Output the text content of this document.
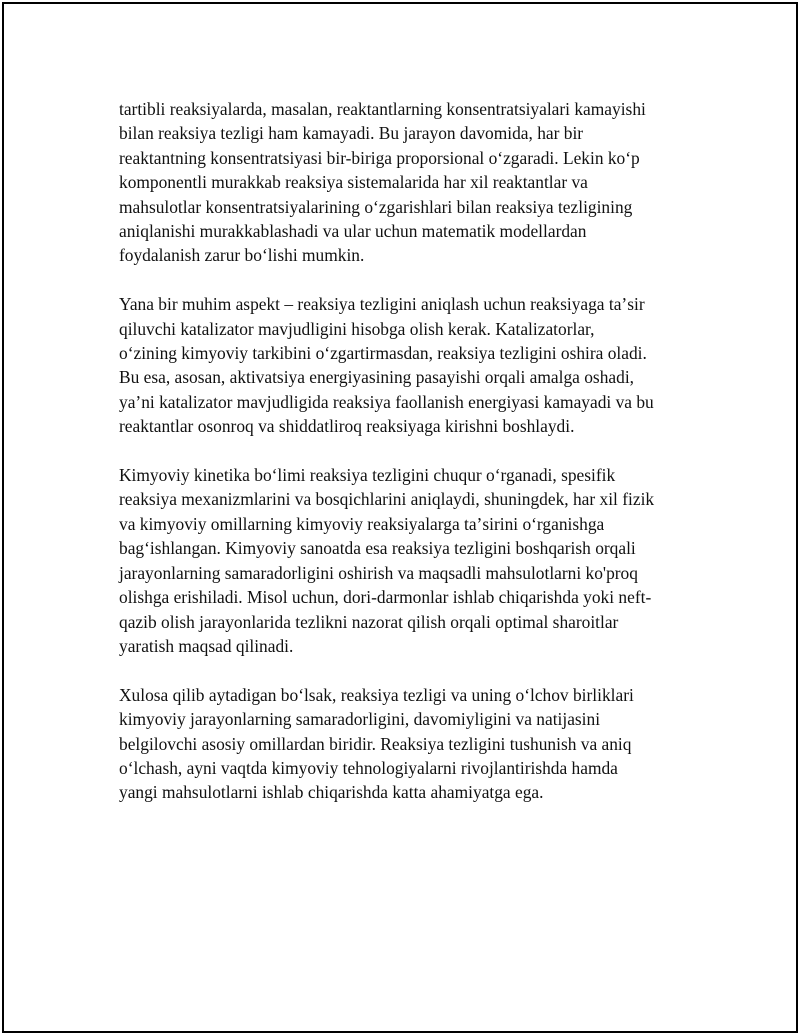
tartibli reaksiyalarda, masalan, reaktantlarning konsentratsiyalari kamayishi
bilan reaksiya tezligi ham kamayadi. Bu jarayon davomida, har bir
reaktantning konsentratsiyasi bir-biriga proporsional oʻzgaradi. Lekin koʻp
komponentli murakkab reaksiya sistemalarida har xil reaktantlar va
mahsulotlar konsentratsiyalarining oʻzgarishlari bilan reaksiya tezligining
aniqlanishi murakkablashadi va ular uchun matematik modellardan
foydalanish zarur boʻlishi mumkin.

Yana bir muhim aspekt – reaksiya tezligini aniqlash uchun reaksiyaga taʼsir
qiluvchi katalizator mavjudligini hisobga olish kerak. Katalizatorlar,
oʻzining kimyoviy tarkibini oʻzgartirmasdan, reaksiya tezligini oshira oladi.
Bu esa, asosan, aktivatsiya energiyasining pasayishi orqali amalga oshadi,
yaʼni katalizator mavjudligida reaksiya faollanish energiyasi kamayadi va bu
reaktantlar osonroq va shiddatliroq reaksiyaga kirishni boshlaydi.

Kimyoviy kinetika boʻlimi reaksiya tezligini chuqur oʻrganadi, spesifik
reaksiya mexanizmlarini va bosqichlarini aniqlaydi, shuningdek, har xil fizik
va kimyoviy omillarning kimyoviy reaksiyalarga taʼsirini oʻrganishga
bagʻishlangan. Kimyoviy sanoatda esa reaksiya tezligini boshqarish orqali
jarayonlarning samaradorligini oshirish va maqsadli mahsulotlarni ko'proq
olishga erishiladi. Misol uchun, dori-darmonlar ishlab chiqarishda yoki neft-
qazib olish jarayonlarida tezlikni nazorat qilish orqali optimal sharoitlar
yaratish maqsad qilinadi.

Xulosa qilib aytadigan boʻlsak, reaksiya tezligi va uning oʻlchov birliklari
kimyoviy jarayonlarning samaradorligini, davomiyligini va natijasini
belgilovchi asosiy omillardan biridir. Reaksiya tezligini tushunish va aniq
oʻlchash, ayni vaqtda kimyoviy tehnologiyalarni rivojlantirishda hamda
yangi mahsulotlarni ishlab chiqarishda katta ahamiyatga ega.
